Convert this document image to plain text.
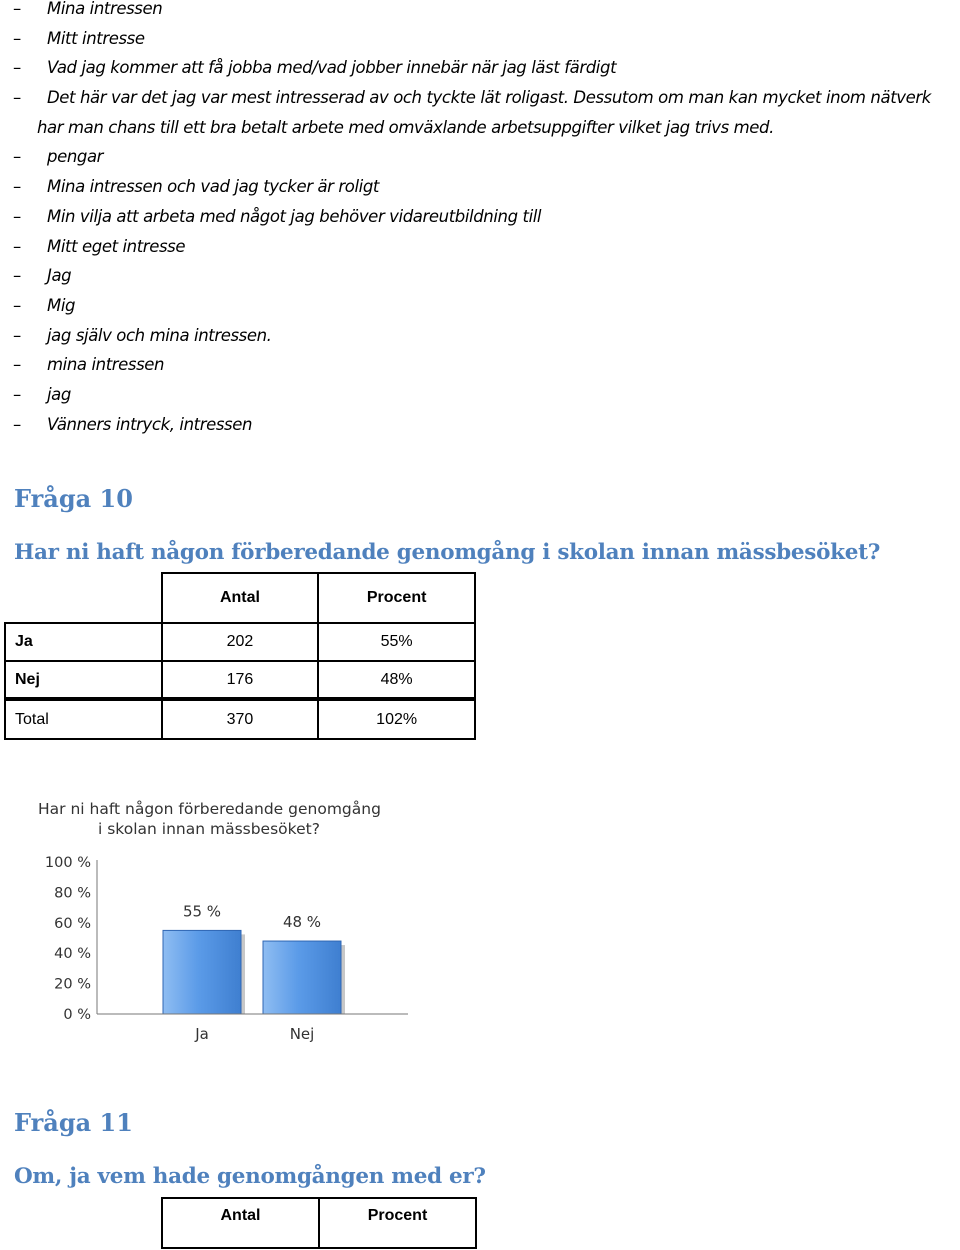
– Mina intressen
– Mitt intresse
– Vad jag kommer att få jobba med/vad jobber innebär när jag läst färdigt
– Det här var det jag var mest intresserad av och tyckte lät roligast. Dessutom om man kan mycket inom nätverk
har man chans till ett bra betalt arbete med omväxlande arbetsuppgifter vilket jag trivs med.
– pengar
– Mina intressen och vad jag tycker är roligt
– Min vilja att arbeta med något jag behöver vidareutbildning till
– Mitt eget intresse
– Jag
– Mig
– jag själv och mina intressen.
– mina intressen
– jag
– Vänners intryck, intressen
Fråga 10
Har ni haft någon förberedande genomgång i skolan innan mässbesöket?
	Antal	Procent
Ja	202	55%
Nej	176	48%
Total	370	102%
Har ni haft någon förberedande genomgång
i skolan innan mässbesöket?
0 %
20 %
40 %
60 %
80 %
100 %
55 %
Ja
48 %
Nej
Fråga 11
Om, ja vem hade genomgången med er?
Antal	Procent
